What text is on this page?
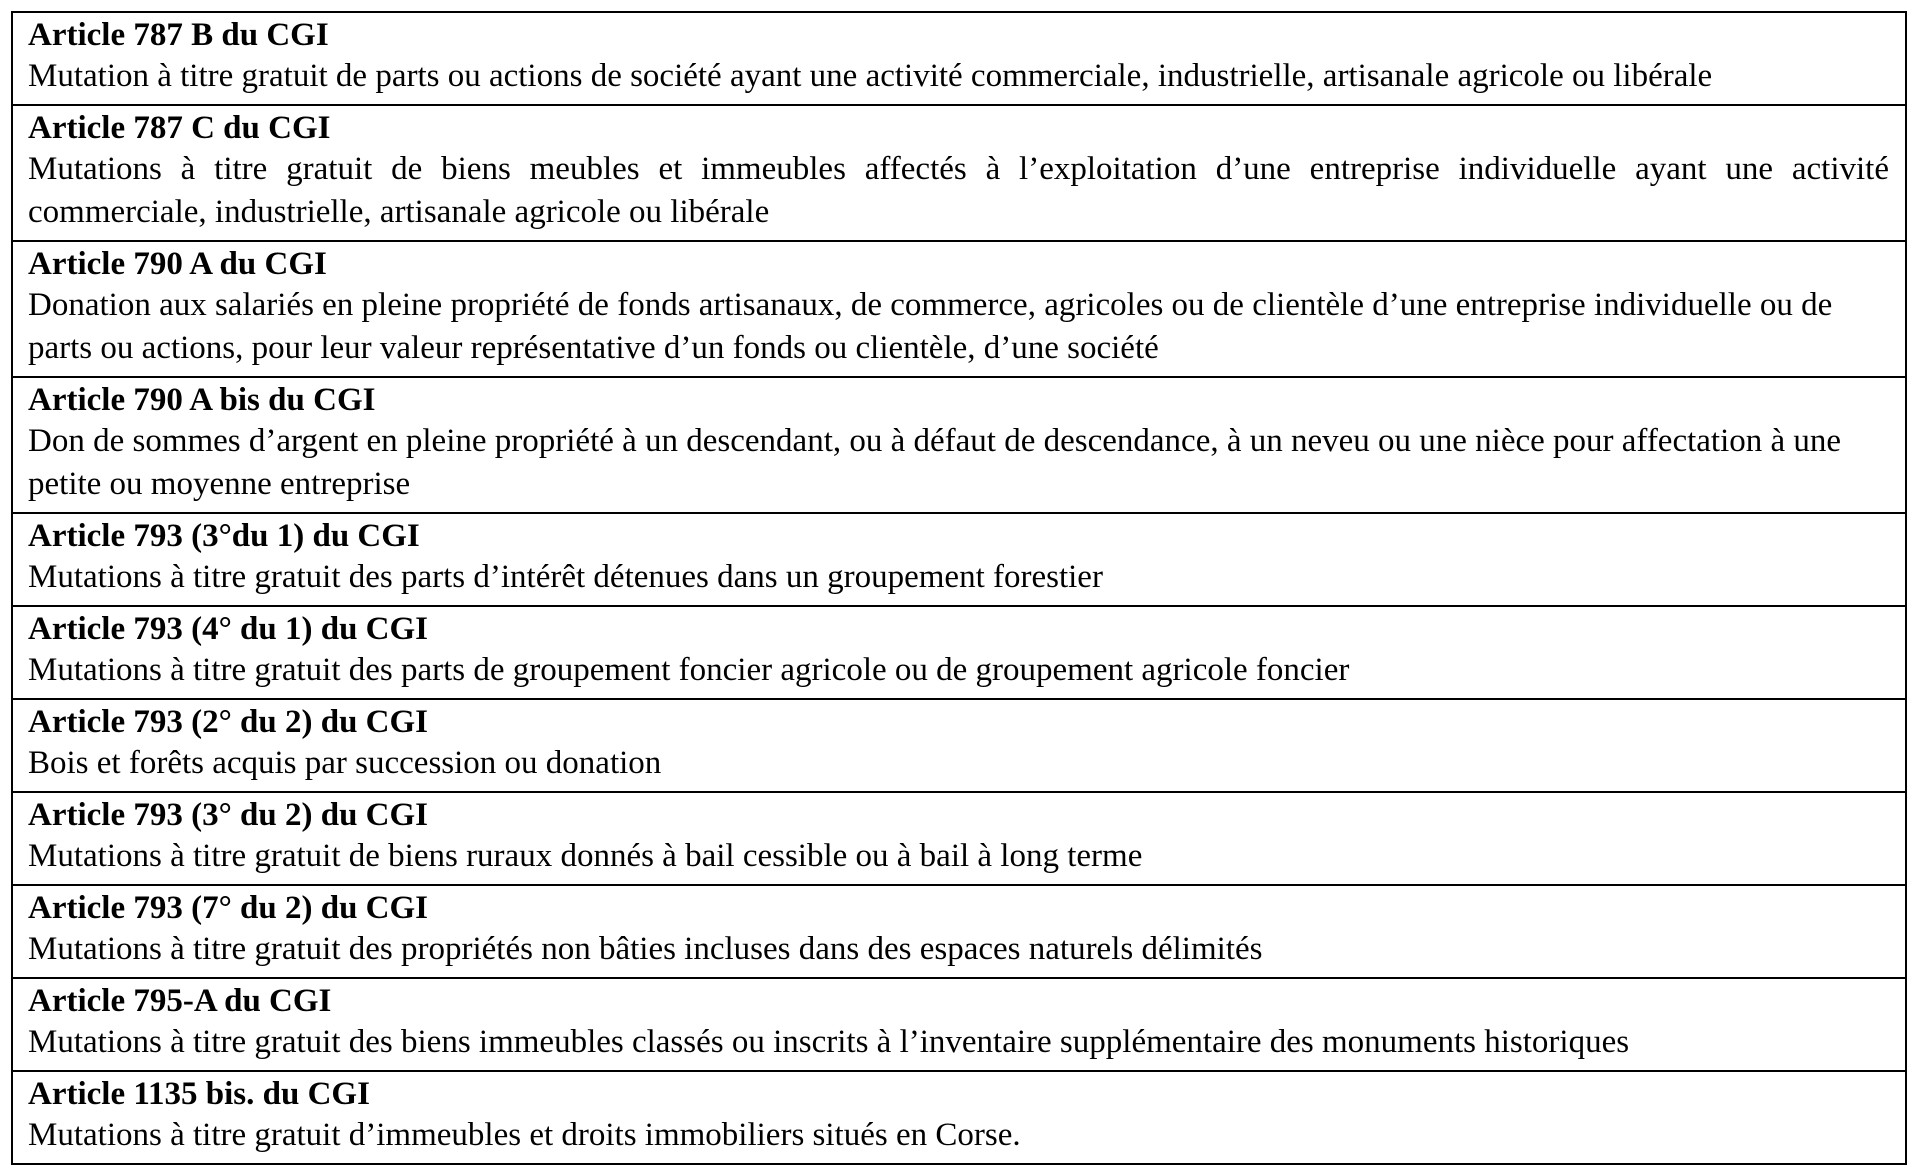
Article 787 B du CGI
Mutation à titre gratuit de parts ou actions de société ayant une activité commerciale, industrielle, artisanale agricole ou libérale
Article 787 C du CGI
Mutations à titre gratuit de biens meubles et immeubles affectés à l’exploitation d’une entreprise individuelle ayant une activité commerciale, industrielle, artisanale agricole ou libérale
Article 790 A du CGI
Donation aux salariés en pleine propriété de fonds artisanaux, de commerce, agricoles ou de clientèle d’une entreprise individuelle ou de parts ou actions, pour leur valeur représentative d’un fonds ou clientèle, d’une société
Article 790 A bis du CGI
Don de sommes d’argent en pleine propriété à un descendant, ou à défaut de descendance, à un neveu ou une nièce pour affectation à une petite ou moyenne entreprise
Article 793 (3°du 1) du CGI
Mutations à titre gratuit des parts d’intérêt détenues dans un groupement forestier
Article 793 (4° du 1) du CGI
Mutations à titre gratuit des parts de groupement foncier agricole ou de groupement agricole foncier
Article 793 (2° du 2) du CGI
Bois et forêts acquis par succession ou donation
Article 793 (3° du 2) du CGI
Mutations à titre gratuit de biens ruraux donnés à bail cessible ou à bail à long terme
Article 793 (7° du 2) du CGI
Mutations à titre gratuit des propriétés non bâties incluses dans des espaces naturels délimités
Article 795-A du CGI
Mutations à titre gratuit des biens immeubles classés ou inscrits à l’inventaire supplémentaire des monuments historiques
Article 1135 bis. du CGI
Mutations à titre gratuit d’immeubles et droits immobiliers situés en Corse.
